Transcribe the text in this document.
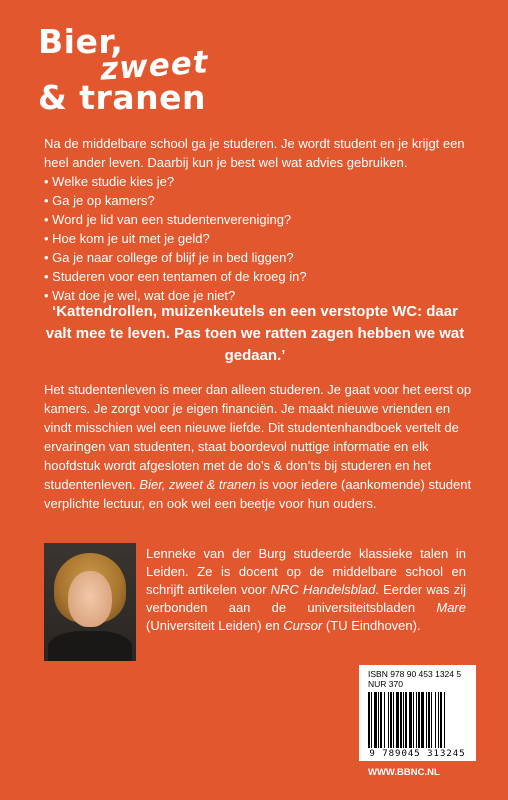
Bier,
zweet
& tranen

Na de middelbare school ga je studeren. Je wordt student en je krijgt een heel ander leven. Daarbij kun je best wel wat advies gebruiken.

• Welke studie kies je?
• Ga je op kamers?
• Word je lid van een studentenvereniging?
• Hoe kom je uit met je geld?
• Ga je naar college of blijf je in bed liggen?
• Studeren voor een tentamen of de kroeg in?
• Wat doe je wel, wat doe je niet?
‘Kattendrollen, muizenkeutels en een verstopte WC: daar valt mee te leven. Pas toen we ratten zagen hebben we wat gedaan.’

Het studentenleven is meer dan alleen studeren. Je gaat voor het eerst op kamers. Je zorgt voor je eigen financiën. Je maakt nieuwe vrienden en vindt misschien wel een nieuwe liefde. Dit studentenhandboek vertelt de ervaringen van studenten, staat boordevol nuttige informatie en elk hoofdstuk wordt afgesloten met de do’s & don’ts bij studeren en het studentenleven. Bier, zweet & tranen is voor iedere (aankomende) student verplichte lectuur, en ook wel een beetje voor hun ouders.

Lenneke van der Burg studeerde klassieke talen in Leiden. Ze is docent op de middelbare school en schrijft artikelen voor NRC Handelsblad. Eerder was zij verbonden aan de universiteitsbladen Mare (Universiteit Leiden) en Cursor (TU Eindhoven).

ISBN 978 90 453 1324 5
NUR 370
9 789045 313245
WWW.BBNC.NL
